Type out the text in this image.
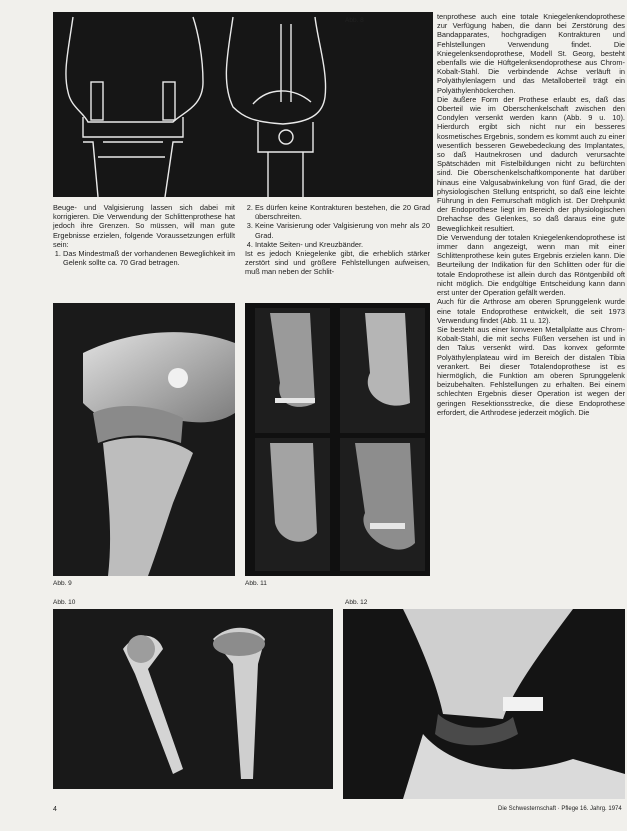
Abb. 8

Beuge- und Valgisierung lassen sich dabei mit korrigieren. Die Verwendung der Schlittenprothese hat jedoch ihre Grenzen. So müssen, will man gute Ergebnisse erzielen, folgende Voraussetzungen erfüllt sein:

1. Das Mindestmaß der vorhandenen Beweglichkeit im Gelenk sollte ca. 70 Grad betragen.
2. Es dürfen keine Kontrakturen bestehen, die 20 Grad überschreiten.
3. Keine Varisierung oder Valgisierung von mehr als 20 Grad.
4. Intakte Seiten- und Kreuzbänder.

Ist es jedoch Kniegelenke gibt, die erheblich stärker zerstört sind und größere Fehlstellungen aufweisen, muß man neben der Schlit-

Abb. 9	Abb. 11

tenprothese auch eine totale Kniegelenkendoprothese zur Verfügung haben, die dann bei Zerstörung des Bandapparates, hochgradigen Kontrakturen und Fehlstellungen Verwendung findet. Die Kniegelenksendoprothese, Modell St. Georg, besteht ebenfalls wie die Hüftgelenksendoprothese aus Chrom-Kobalt-Stahl. Die verbindende Achse verläuft in Polyäthylenlagern und das Metalloberteil trägt ein Polyäthylenhöckerchen.

Die äußere Form der Prothese erlaubt es, daß das Oberteil wie im Oberschenkelschaft zwischen den Condylen versenkt werden kann (Abb. 9 u. 10). Hierdurch ergibt sich nicht nur ein besseres kosmetisches Ergebnis, sondern es kommt auch zu einer wesentlich besseren Gewebedeckung des Implantates, so daß Hautnekrosen und dadurch verursachte Spätschäden mit Fistelbildungen nicht zu befürchten sind. Die Oberschenkelschaftkomponente hat darüber hinaus eine Valgusabwinkelung von fünf Grad, die der physiologischen Stellung entspricht, so daß eine leichte Führung in den Femurschaft möglich ist. Der Drehpunkt der Endoprothese liegt im Bereich der physiologischen Drehachse des Gelenkes, so daß daraus eine gute Beweglichkeit resultiert.

Die Verwendung der totalen Kniegelenkendoprothese ist immer dann angezeigt, wenn man mit einer Schlittenprothese kein gutes Ergebnis erzielen kann. Die Beurteilung der Indikation für den Schlitten oder für die totale Endoprothese ist allein durch das Röntgenbild oft nicht möglich. Die endgültige Entscheidung kann dann erst unter der Operation gefällt werden.

Auch für die Arthrose am oberen Sprunggelenk wurde eine totale Endoprothese entwickelt, die seit 1973 Verwendung findet (Abb. 11 u. 12).

Sie besteht aus einer konvexen Metallplatte aus Chrom-Kobalt-Stahl, die mit sechs Füßen versehen ist und in den Talus versenkt wird. Das konvex geformte Polyäthylenplateau wird im Bereich der distalen Tibia verankert. Bei dieser Totalendoprothese ist es hiermöglich, die Funktion am oberen Sprunggelenk beizubehalten. Fehlstellungen zu erhalten. Bei einem schlechten Ergebnis dieser Operation ist wegen der geringen Resektionsstrecke, die diese Endoprothese erfordert, die Arthrodese jederzeit möglich. Die

Abb. 10	Abb. 12
4	Die Schwesternschaft · Pflege 16. Jahrg. 1974
